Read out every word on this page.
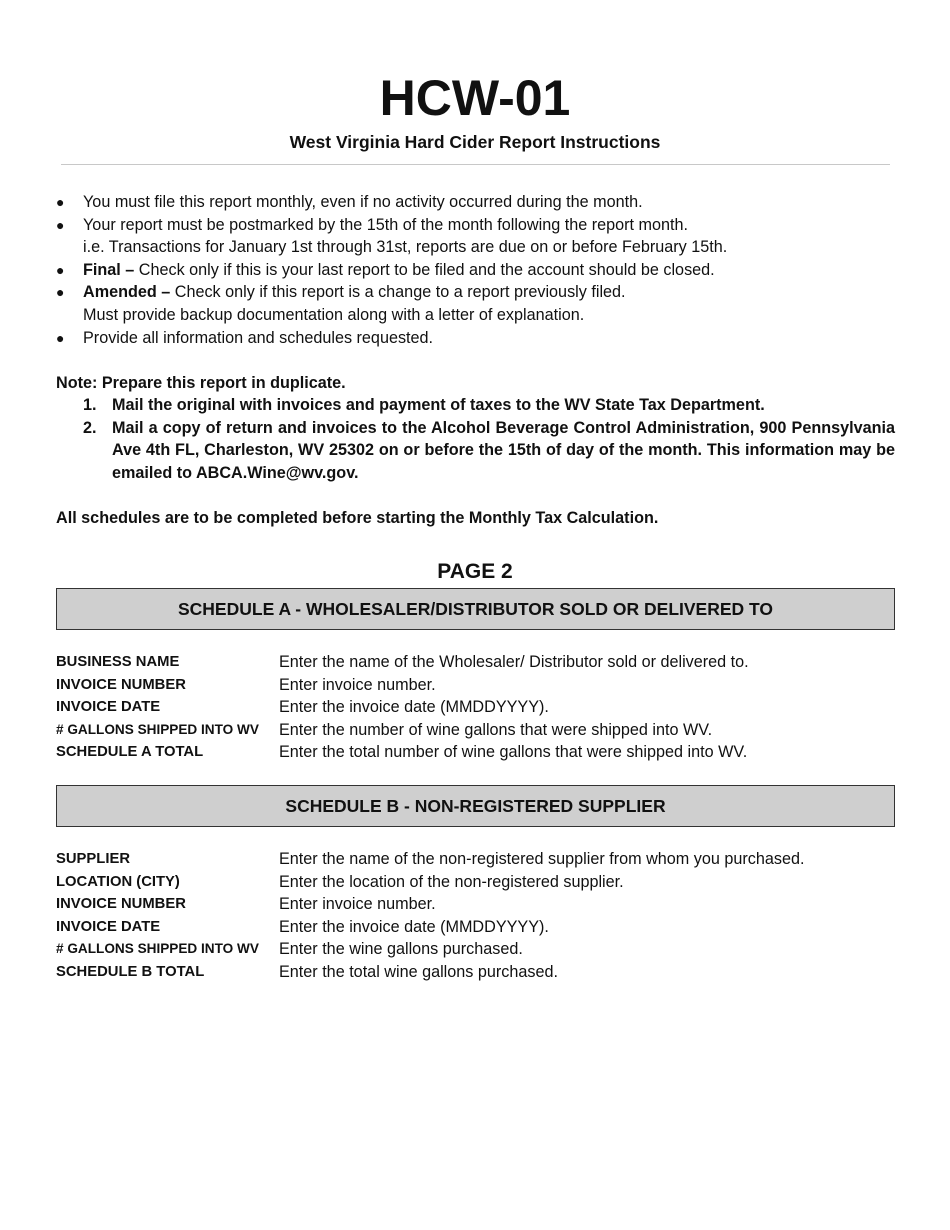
HCW-01
West Virginia Hard Cider Report Instructions
● You must file this report monthly, even if no activity occurred during the month.
● Your report must be postmarked by the 15th of the month following the report month.
i.e. Transactions for January 1st through 31st, reports are due on or before February 15th.
● Final – Check only if this is your last report to be filed and the account should be closed.
● Amended – Check only if this report is a change to a report previously filed.
Must provide backup documentation along with a letter of explanation.
● Provide all information and schedules requested.
Note: Prepare this report in duplicate.
1. Mail the original with invoices and payment of taxes to the WV State Tax Department.
2. Mail a copy of return and invoices to the Alcohol Beverage Control Administration, 900 Pennsylvania Ave 4th FL, Charleston, WV 25302 on or before the 15th of day of the month. This information may be emailed to ABCA.Wine@wv.gov.
All schedules are to be completed before starting the Monthly Tax Calculation.
PAGE 2
SCHEDULE A - WHOLESALER/DISTRIBUTOR SOLD OR DELIVERED TO
BUSINESS NAME	Enter the name of the Wholesaler/ Distributor sold or delivered to.
INVOICE NUMBER	Enter invoice number.
INVOICE DATE	Enter the invoice date (MMDDYYYY).
# GALLONS SHIPPED INTO WV Enter the number of wine gallons that were shipped into WV.
SCHEDULE A TOTAL	Enter the total number of wine gallons that were shipped into WV.
SCHEDULE B - NON-REGISTERED SUPPLIER
SUPPLIER	Enter the name of the non-registered supplier from whom you purchased.
LOCATION (CITY)	Enter the location of the non-registered supplier.
INVOICE NUMBER	Enter invoice number.
INVOICE DATE	Enter the invoice date (MMDDYYYY).
# GALLONS SHIPPED INTO WV Enter the wine gallons purchased.
SCHEDULE B TOTAL	Enter the total wine gallons purchased.
